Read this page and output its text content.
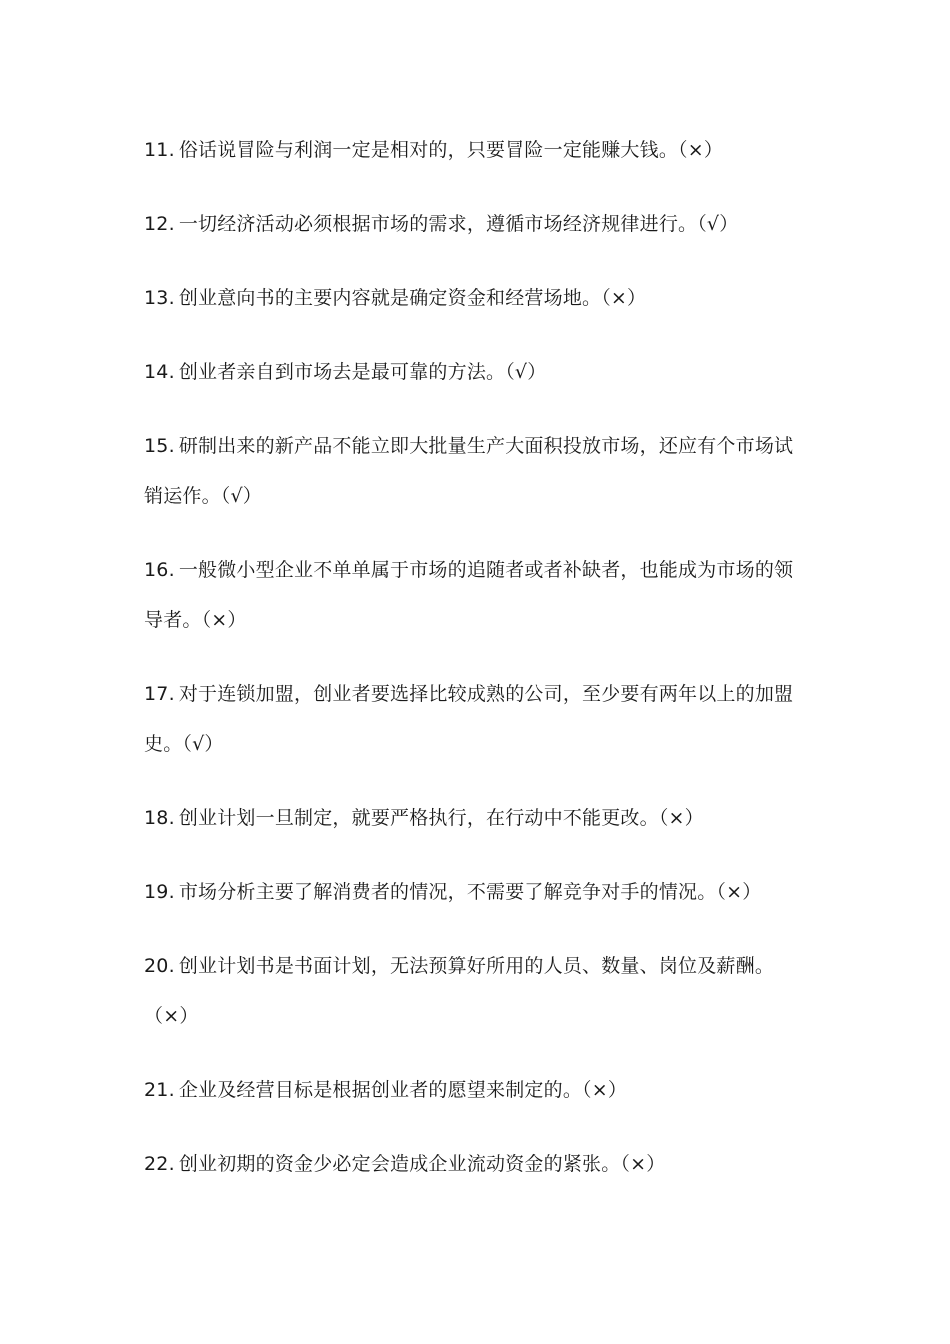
11. 俗话说冒险与利润一定是相对的，只要冒险一定能赚大钱。（×）
12. 一切经济活动必须根据市场的需求，遵循市场经济规律进行。（√）
13. 创业意向书的主要内容就是确定资金和经营场地。（×）
14. 创业者亲自到市场去是最可靠的方法。（√）
15. 研制出来的新产品不能立即大批量生产大面积投放市场，还应有个市场试销运作。（√）
16. 一般微小型企业不单单属于市场的追随者或者补缺者，也能成为市场的领导者。（×）
17. 对于连锁加盟，创业者要选择比较成熟的公司，至少要有两年以上的加盟史。（√）
18. 创业计划一旦制定，就要严格执行，在行动中不能更改。（×）
19. 市场分析主要了解消费者的情况，不需要了解竞争对手的情况。（×）
20. 创业计划书是书面计划，无法预算好所用的人员、数量、岗位及薪酬。（×）
21. 企业及经营目标是根据创业者的愿望来制定的。（×）
22. 创业初期的资金少必定会造成企业流动资金的紧张。（×）
